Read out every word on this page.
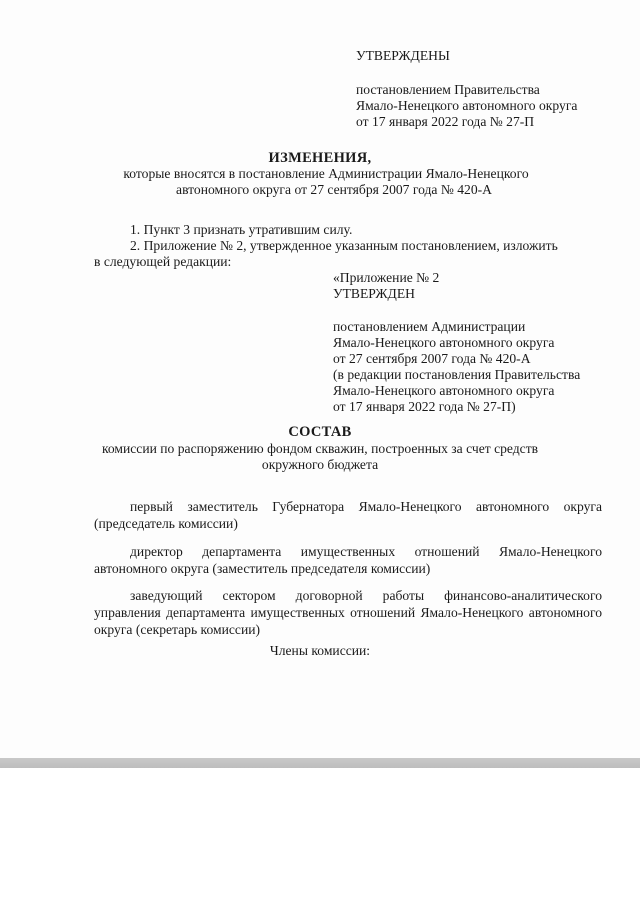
УТВЕРЖДЕНЫ
постановлением Правительства
Ямало-Ненецкого автономного округа
от 17 января 2022 года № 27-П
ИЗМЕНЕНИЯ,
которые вносятся в постановление Администрации Ямало-Ненецкого
автономного округа от 27 сентября 2007 года № 420-А
1. Пункт 3 признать утратившим силу.
2. Приложение № 2, утвержденное указанным постановлением, изложить
в следующей редакции:
«Приложение № 2
УТВЕРЖДЕН
постановлением Администрации
Ямало-Ненецкого автономного округа
от 27 сентября 2007 года № 420-А
(в редакции постановления Правительства
Ямало-Ненецкого автономного округа
от 17 января 2022 года № 27-П)
СОСТАВ
комиссии по распоряжению фондом скважин, построенных за счет средств
окружного бюджета
первый заместитель Губернатора Ямало-Ненецкого автономного округа (председатель комиссии)
директор департамента имущественных отношений Ямало-Ненецкого автономного округа (заместитель председателя комиссии)
заведующий сектором договорной работы финансово-аналитического управления департамента имущественных отношений Ямало-Ненецкого автономного округа (секретарь комиссии)
Члены комиссии:
